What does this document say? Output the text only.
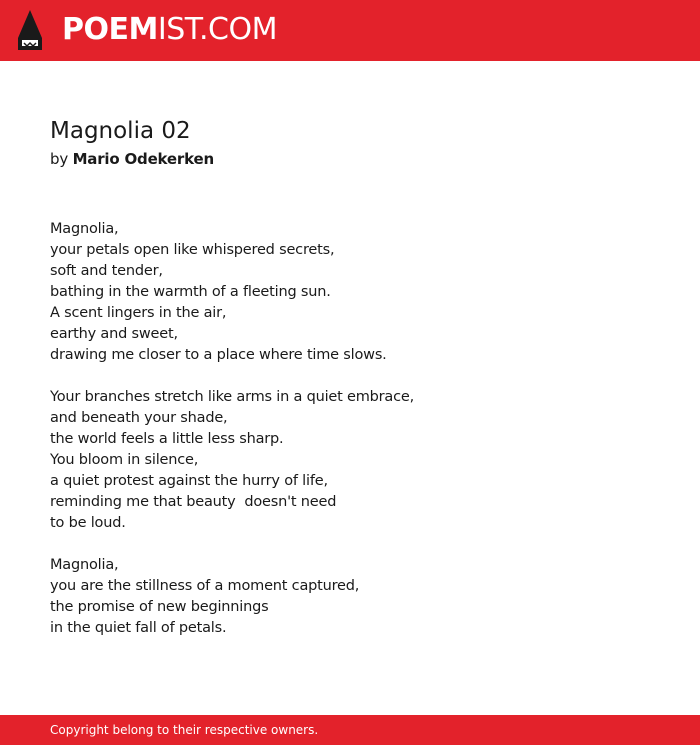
POEMIST.COM
Magnolia 02
by Mario Odekerken

Magnolia,
your petals open like whispered secrets,
soft and tender,
bathing in the warmth of a fleeting sun.
A scent lingers in the air,
earthy and sweet,
drawing me closer to a place where time slows.

Your branches stretch like arms in a quiet embrace,
and beneath your shade,
the world feels a little less sharp.
You bloom in silence,
a quiet protest against the hurry of life,
reminding me that beauty  doesn't need
to be loud.

Magnolia,
you are the stillness of a moment captured,
the promise of new beginnings
in the quiet fall of petals.

Copyright belong to their respective owners.
